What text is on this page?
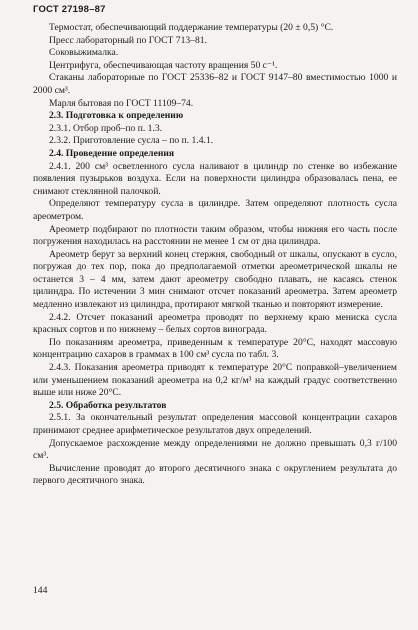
ГОСТ 27198–87

Термостат, обеспечивающий поддержание температуры (20 ± 0,5) °С.

Пресс лабораторный по ГОСТ 713–81.

Соковыжималка.

Центрифуга, обеспечивающая частоту вращения 50 с⁻¹.

Стаканы лабораторные по ГОСТ 25336–82 и ГОСТ 9147–80 вместимостью 1000 и 2000 см³.

Марля бытовая по ГОСТ 11109–74.

2.3. Подготовка к определению

2.3.1. Отбор проб–по п. 1.3.

2.3.2. Приготовление сусла – по п. 1.4.1.

2.4. Проведение определения

2.4.1. 200 см³ осветленного сусла наливают в цилиндр по стенке во избежание появления пузырьков воздуха. Если на поверхности цилиндра образовалась пена, ее снимают стеклянной палочкой.

Определяют температуру сусла в цилиндре. Затем определяют плотность сусла ареометром.

Ареометр подбирают по плотности таким образом, чтобы нижняя его часть после погружения находилась на расстоянии не менее 1 см от дна цилиндра.

Ареометр берут за верхний конец стержня, свободный от шкалы, опускают в сусло, погружая до тех пор, пока до предполагаемой отметки ареометрической шкалы не останется 3 – 4 мм, затем дают ареометру свободно плавать, не касаясь стенок цилиндра. По истечении 3 мин снимают отсчет показаний ареометра. Затем ареометр медленно извлекают из цилиндра, протирают мягкой тканью и повторяют измерение.

2.4.2. Отсчет показаний ареометра проводят по верхнему краю мениска сусла красных сортов и по нижнему – белых сортов винограда.

По показаниям ареометра, приведенным к температуре 20°С, находят массовую концентрацию сахаров в граммах в 100 см³ сусла по табл. 3.

2.4.3. Показания ареометра приводят к температуре 20°С поправкой–увеличением или уменьшением показаний ареометра на 0,2 кг/м³ на каждый градус соответственно выше или ниже 20°С.

2.5. Обработка результатов

2.5.1. За окончательный результат определения массовой концентрации сахаров принимают среднее арифметическое результатов двух определений.

Допускаемое расхождение между определениями не должно превышать 0,3 г/100 см³.

Вычисление проводят до второго десятичного знака с округлением результата до первого десятичного знака.

144
